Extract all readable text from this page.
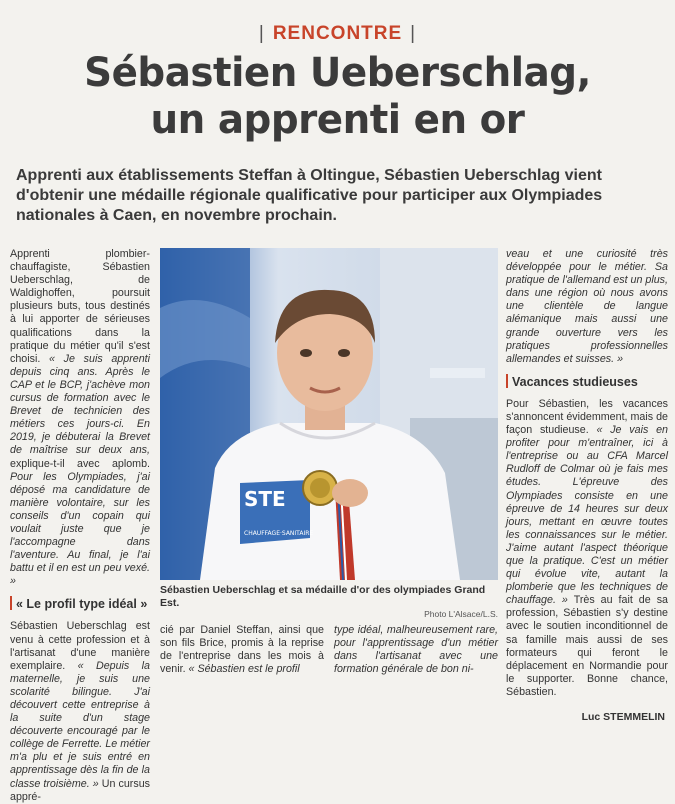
| RENCONTRE |
Sébastien Ueberschlag,
un apprenti en or
Apprenti aux établissements Steffan à Oltingue, Sébastien Ueberschlag vient d'obtenir une médaille régionale qualificative pour participer aux Olympiades nationales à Caen, en novembre prochain.

Apprenti plombier-chauffagiste, Sébastien Ueberschlag, de Waldighoffen, poursuit plusieurs buts, tous destinés à lui apporter de sérieuses qualifications dans la pratique du métier qu'il s'est choisi. « Je suis apprenti depuis cinq ans. Après le CAP et le BCP, j'achève mon cursus de formation avec le Brevet de technicien des métiers ces jours-ci. En 2019, je débuterai la Brevet de maîtrise sur deux ans, explique-t-il avec aplomb. Pour les Olympiades, j'ai déposé ma candidature de manière volontaire, sur les conseils d'un copain qui voulait juste que je l'accompagne dans l'aventure. Au final, je l'ai battu et il en est un peu vexé. »

« Le profil type idéal »

Sébastien Ueberschlag est venu à cette profession et à l'artisanat d'une manière exemplaire. « Depuis la maternelle, je suis une scolarité bilingue. J'ai découvert cette entreprise à la suite d'un stage découverte encouragé par le collège de Ferrette. Le métier m'a plu et je suis entré en apprentissage dès la fin de la classe troisième. » Un cursus appré-

STE
CHAUFFAGE·SANITAIRE
Sébastien Ueberschlag et sa médaille d'or des olympiades Grand Est.
Photo L'Alsace/L.S.

cié par Daniel Steffan, ainsi que son fils Brice, promis à la reprise de l'entreprise dans les mois à venir. « Sébastien est le profil

type idéal, malheureusement rare, pour l'apprentissage d'un métier dans l'artisanat avec une formation générale de bon ni-

veau et une curiosité très développée pour le métier. Sa pratique de l'allemand est un plus, dans une région où nous avons une clientèle de langue alémanique mais aussi une grande ouverture vers les pratiques professionnelles allemandes et suisses. »

Vacances studieuses

Pour Sébastien, les vacances s'annoncent évidemment, mais de façon studieuse. « Je vais en profiter pour m'entraîner, ici à l'entreprise ou au CFA Marcel Rudloff de Colmar où je fais mes études. L'épreuve des Olympiades consiste en une épreuve de 14 heures sur deux jours, mettant en œuvre toutes les connaissances sur le métier. J'aime autant l'aspect théorique que la pratique. C'est un métier qui évolue vite, autant la plomberie que les techniques de chauffage. » Très au fait de sa profession, Sébastien s'y destine avec le soutien inconditionnel de sa famille mais aussi de ses formateurs qui feront le déplacement en Normandie pour le supporter. Bonne chance, Sébastien.

Luc STEMMELIN
